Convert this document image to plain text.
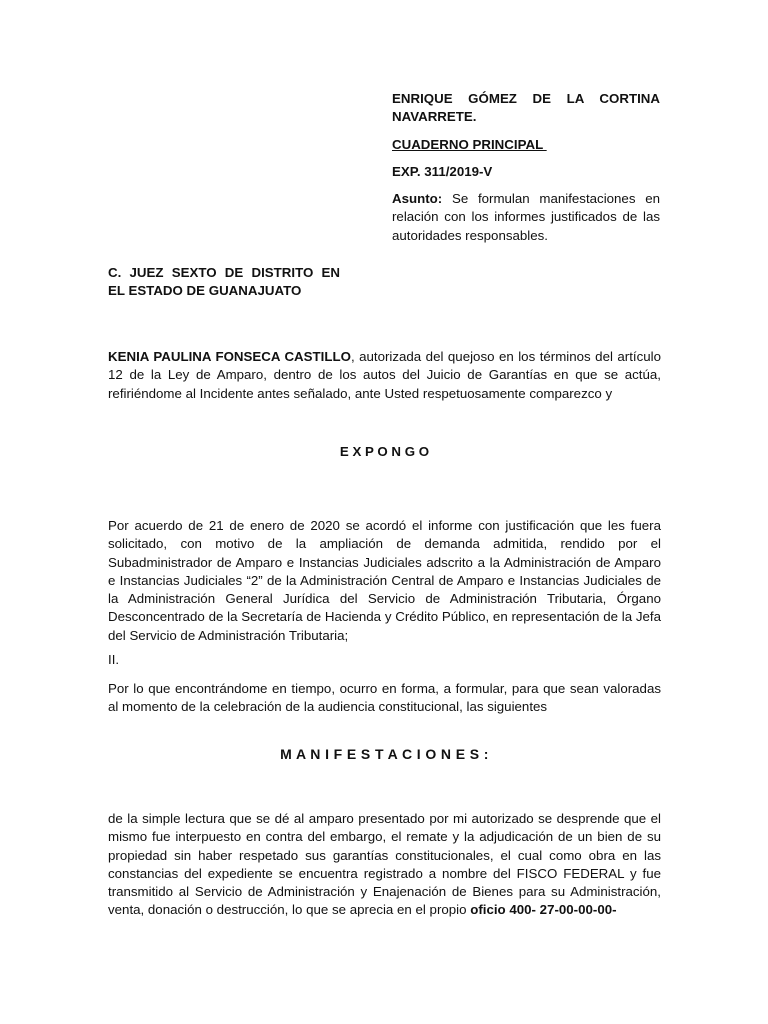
ENRIQUE GÓMEZ DE LA CORTINA

NAVARRETE.

CUADERNO PRINCIPAL

EXP. 311/2019-V

Asunto: Se formulan manifestaciones en relación con los informes justificados de las autoridades responsables.

C. JUEZ SEXTO DE DISTRITO EN
EL ESTADO DE GUANAJUATO

KENIA PAULINA FONSECA CASTILLO, autorizada del quejoso en los términos del artículo 12 de la Ley de Amparo, dentro de los autos del Juicio de Garantías en que se actúa, refiriéndome al Incidente antes señalado, ante Usted respetuosamente comparezco y

E X P O N G O

Por acuerdo de 21 de enero de 2020 se acordó el informe con justificación que les fuera solicitado, con motivo de la ampliación de demanda admitida, rendido por el Subadministrador de Amparo e Instancias Judiciales adscrito a la Administración de Amparo e Instancias Judiciales “2” de la Administración Central de Amparo e Instancias Judiciales de la Administración General Jurídica del Servicio de Administración Tributaria, Órgano Desconcentrado de la Secretaría de Hacienda y Crédito Público, en representación de la Jefa del Servicio de Administración Tributaria;

II.

Por lo que encontrándome en tiempo, ocurro en forma, a formular, para que sean valoradas al momento de la celebración de la audiencia constitucional, las siguientes

M A N I F E S T A C I O N E S :

de la simple lectura que se dé al amparo presentado por mi autorizado se desprende que el mismo fue interpuesto en contra del embargo, el remate y la adjudicación de un bien de su propiedad sin haber respetado sus garantías constitucionales, el cual como obra en las constancias del expediente se encuentra registrado a nombre del FISCO FEDERAL y fue transmitido al Servicio de Administración y Enajenación de Bienes para su Administración, venta, donación o destrucción, lo que se aprecia en el propio oficio 400- 27-00-00-00-
